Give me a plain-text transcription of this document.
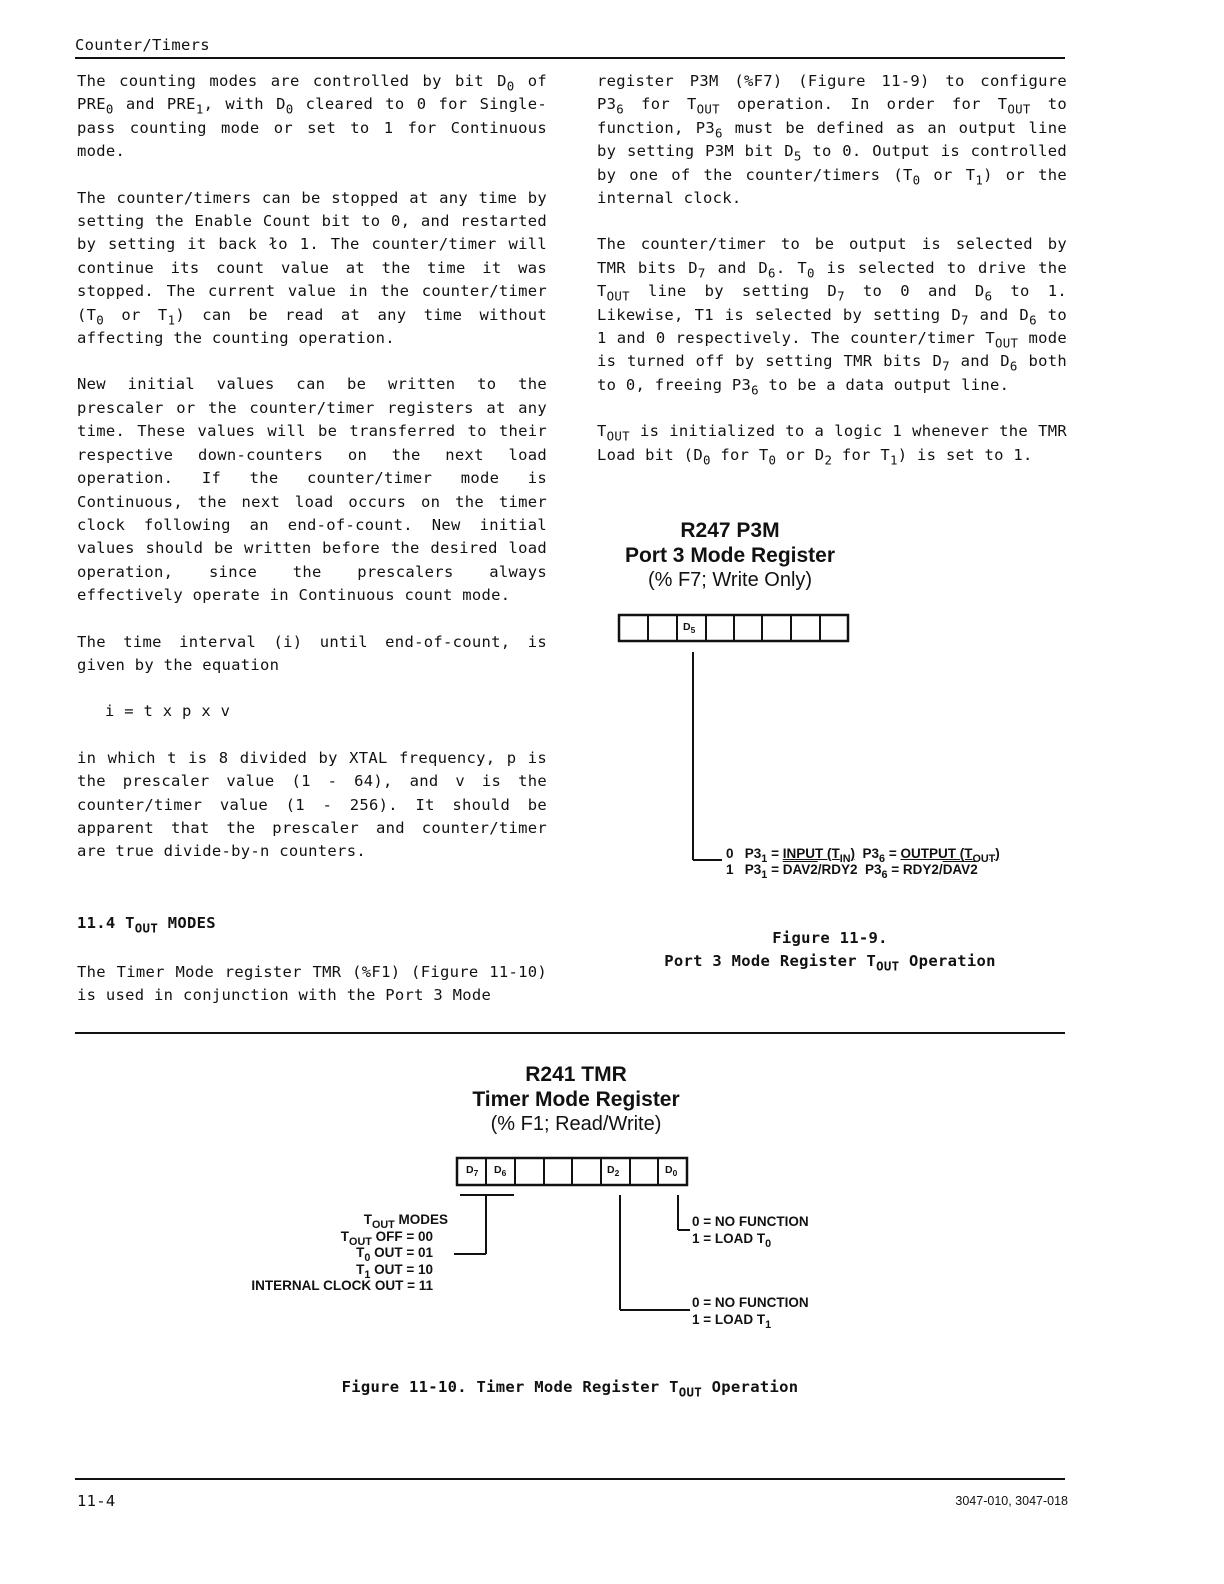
Counter/Timers

The counting modes are controlled by bit $D_0$ of $PRE_0$ and $PRE_1$, with $D_0$ cleared to 0 for Single-pass counting mode or set to 1 for Continuous mode.

The counter/timers can be stopped at any time by setting the Enable Count bit to 0, and restarted by setting it back ło 1. The counter/timer will continue its count value at the time it was stopped. The current value in the counter/timer ($T_0$ or $T_1$) can be read at any time without affecting the counting operation.

New initial values can be written to the prescaler or the counter/timer registers at any time. These values will be transferred to their respective down-counters on the next load operation. If the counter/timer mode is Continuous, the next load occurs on the timer clock following an end-of-count. New initial values should be written before the desired load operation, since the prescalers always effectively operate in Continuous count mode.

The time interval (i) until end-of-count, is given by the equation

i = t x p x v

in which t is 8 divided by XTAL frequency, p is the prescaler value (1 - 64), and v is the counter/timer value (1 - 256). It should be apparent that the prescaler and counter/timer are true divide-by-n counters.

11.4 $T_{OUT}$ MODES
The Timer Mode register TMR (%F1) (Figure 11-10) is used in conjunction with the Port 3 Mode

register P3M (%F7) (Figure 11-9) to configure $P3_6$ for $T_{OUT}$ operation. In order for $T_{OUT}$ to function, $P3_6$ must be defined as an output line by setting P3M bit $D_5$ to 0. Output is controlled by one of the counter/timers ($T_0$ or $T_1$) or the internal clock.

The counter/timer to be output is selected by TMR bits $D_7$ and $D_6$. $T_0$ is selected to drive the $T_{OUT}$ line by setting $D_7$ to 0 and $D_6$ to 1. Likewise, T1 is selected by setting $D_7$ and $D_6$ to 1 and 0 respectively. The counter/timer $T_{OUT}$ mode is turned off by setting TMR bits $D_7$ and $D_6$ both to 0, freeing $P3_6$ to be a data output line.

$T_{OUT}$ is initialized to a logic 1 whenever the TMR Load bit ($D_0$ for $T_0$ or $D_2$ for $T_1$) is set to 1.

R247 P3M
Port 3 Mode Register
(% F7; Write Only)
$D_5$
0 $P3_1$ = INPUT $(T_{IN}) P3_6$ = OUTPUT $(T_{OUT})$
1 $P3_1 = DAV2/RDY2$ $P3_6 = RDY2/DAV2$
Figure 11-9.
Port 3 Mode Register $T_{OUT}$ Operation
R241 TMR
Timer Mode Register
(% F1; Read/Write)
$D_7$ $D_6$	$D_2$	$D_0$
$T_{OUT}$ MODES
$T_{OUT}$ OFF = 00
$T_0$ OUT = 01
$T_1$ OUT = 10
INTERNAL CLOCK OUT = 11
0 = NO FUNCTION
1 = LOAD $T_0$
0 = NO FUNCTION
1 = LOAD $T_1$
Figure 11-10. Timer Mode Register $T_{OUT}$ Operation
11-4	3047-010, 3047-018
